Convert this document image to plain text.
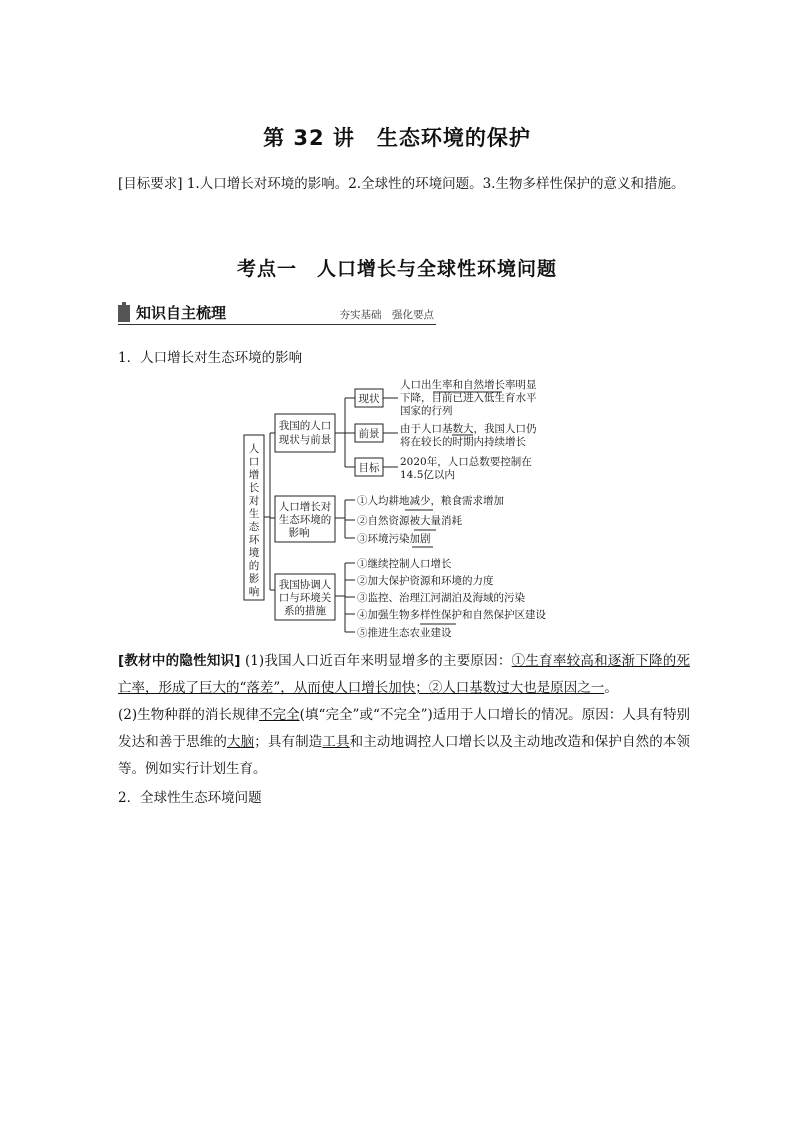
第 32 讲　生态环境的保护
[目标要求] 1.人口增长对环境的影响。2.全球性的环境问题。3.生物多样性保护的意义和措施。
考点一　人口增长与全球性环境问题
知识自主梳理	夯实基础　强化要点
1．人口增长对生态环境的影响
人
口
增
长
对
生
态
环
境
的
影
响
我国的人口
现状与前景
人口增长对
生态环境的
影响
我国协调人
口与环境关
系的措施
现状
前景
目标
人口出生率和自然增长率明显
下降，目前已进入低生育水平
国家的行列
由于人口基数大，我国人口仍
将在较长的时期内持续增长
2020年，人口总数要控制在
14.5亿以内
①人均耕地减少，粮食需求增加
②自然资源被大量消耗
③环境污染加剧
①继续控制人口增长
②加大保护资源和环境的力度
③监控、治理江河湖泊及海域的污染
④加强生物多样性保护和自然保护区建设
⑤推进生态农业建设
[教材中的隐性知识] (1)我国人口近百年来明显增多的主要原因：①生育率较高和逐渐下降的死亡率，形成了巨大的“落差”，从而使人口增长加快；②人口基数过大也是原因之一。
(2)生物种群的消长规律不完全(填“完全”或“不完全”)适用于人口增长的情况。原因：人具有特别发达和善于思维的大脑；具有制造工具和主动地调控人口增长以及主动地改造和保护自然的本领等。例如实行计划生育。
2．全球性生态环境问题
